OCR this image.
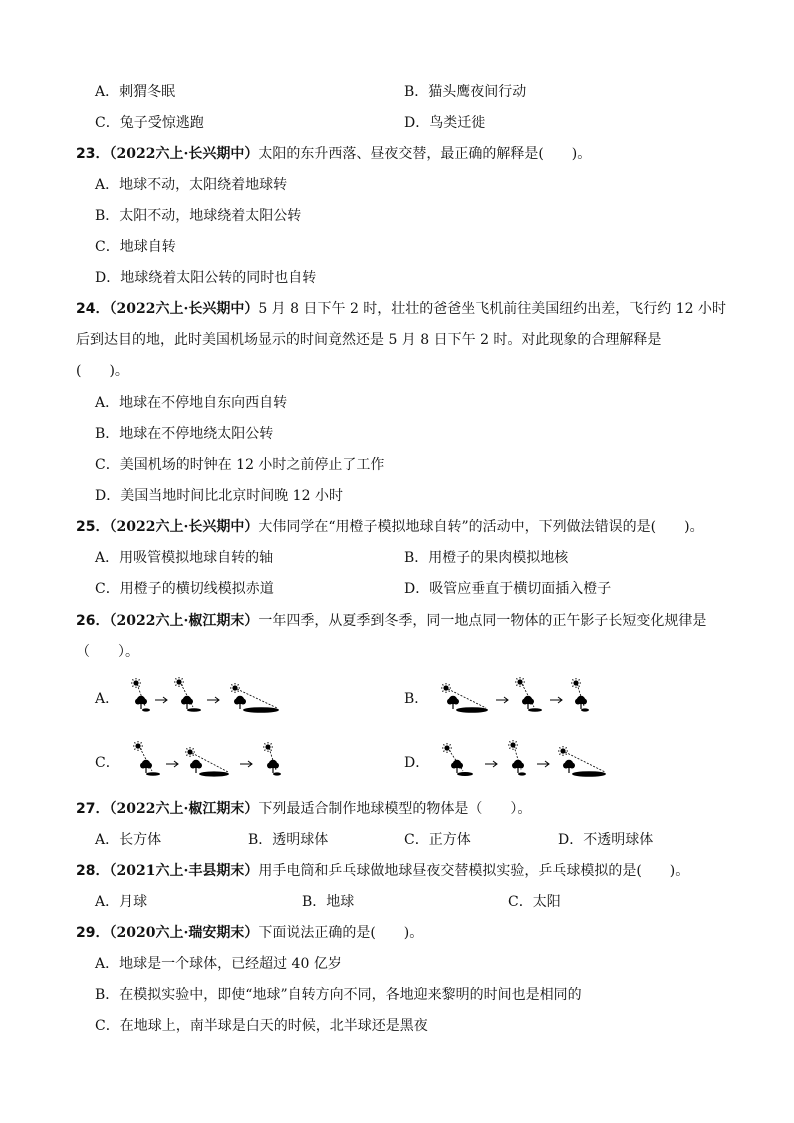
A．刺猬冬眠	B．猫头鹰夜间行动
C．兔子受惊逃跑	D．鸟类迁徙
23．（2022六上·长兴期中）太阳的东升西落、昼夜交替，最正确的解释是(　　)。
A．地球不动，太阳绕着地球转
B．太阳不动，地球绕着太阳公转
C．地球自转
D．地球绕着太阳公转的同时也自转
24．（2022六上·长兴期中）5 月 8 日下午 2 时，壮壮的爸爸坐飞机前往美国纽约出差，飞行约 12 小时
后到达目的地，此时美国机场显示的时间竟然还是 5 月 8 日下午 2 时。对此现象的合理解释是
(　　)。
A．地球在不停地自东向西自转
B．地球在不停地绕太阳公转
C．美国机场的时钟在 12 小时之前停止了工作
D．美国当地时间比北京时间晚 12 小时
25．（2022六上·长兴期中）大伟同学在“用橙子模拟地球自转”的活动中，下列做法错误的是(　　)。
A．用吸管模拟地球自转的轴	B．用橙子的果肉模拟地核
C．用橙子的横切线模拟赤道	D．吸管应垂直于横切面插入橙子
26．（2022六上·椒江期末）一年四季，从夏季到冬季，同一地点同一物体的正午影子长短变化规律是
（　　）。
A．	B．
C．	D．
27．（2022六上·椒江期末）下列最适合制作地球模型的物体是（　　）。
A．长方体	B．透明球体	C．正方体	D．不透明球体
28．（2021六上·丰县期末）用手电筒和乒乓球做地球昼夜交替模拟实验，乒乓球模拟的是(　　)。
A．月球	B．地球	C．太阳
29．（2020六上·瑞安期末）下面说法正确的是(　　)。
A．地球是一个球体，已经超过 40 亿岁
B．在模拟实验中，即使“地球”自转方向不同，各地迎来黎明的时间也是相同的
C．在地球上，南半球是白天的时候，北半球还是黑夜
